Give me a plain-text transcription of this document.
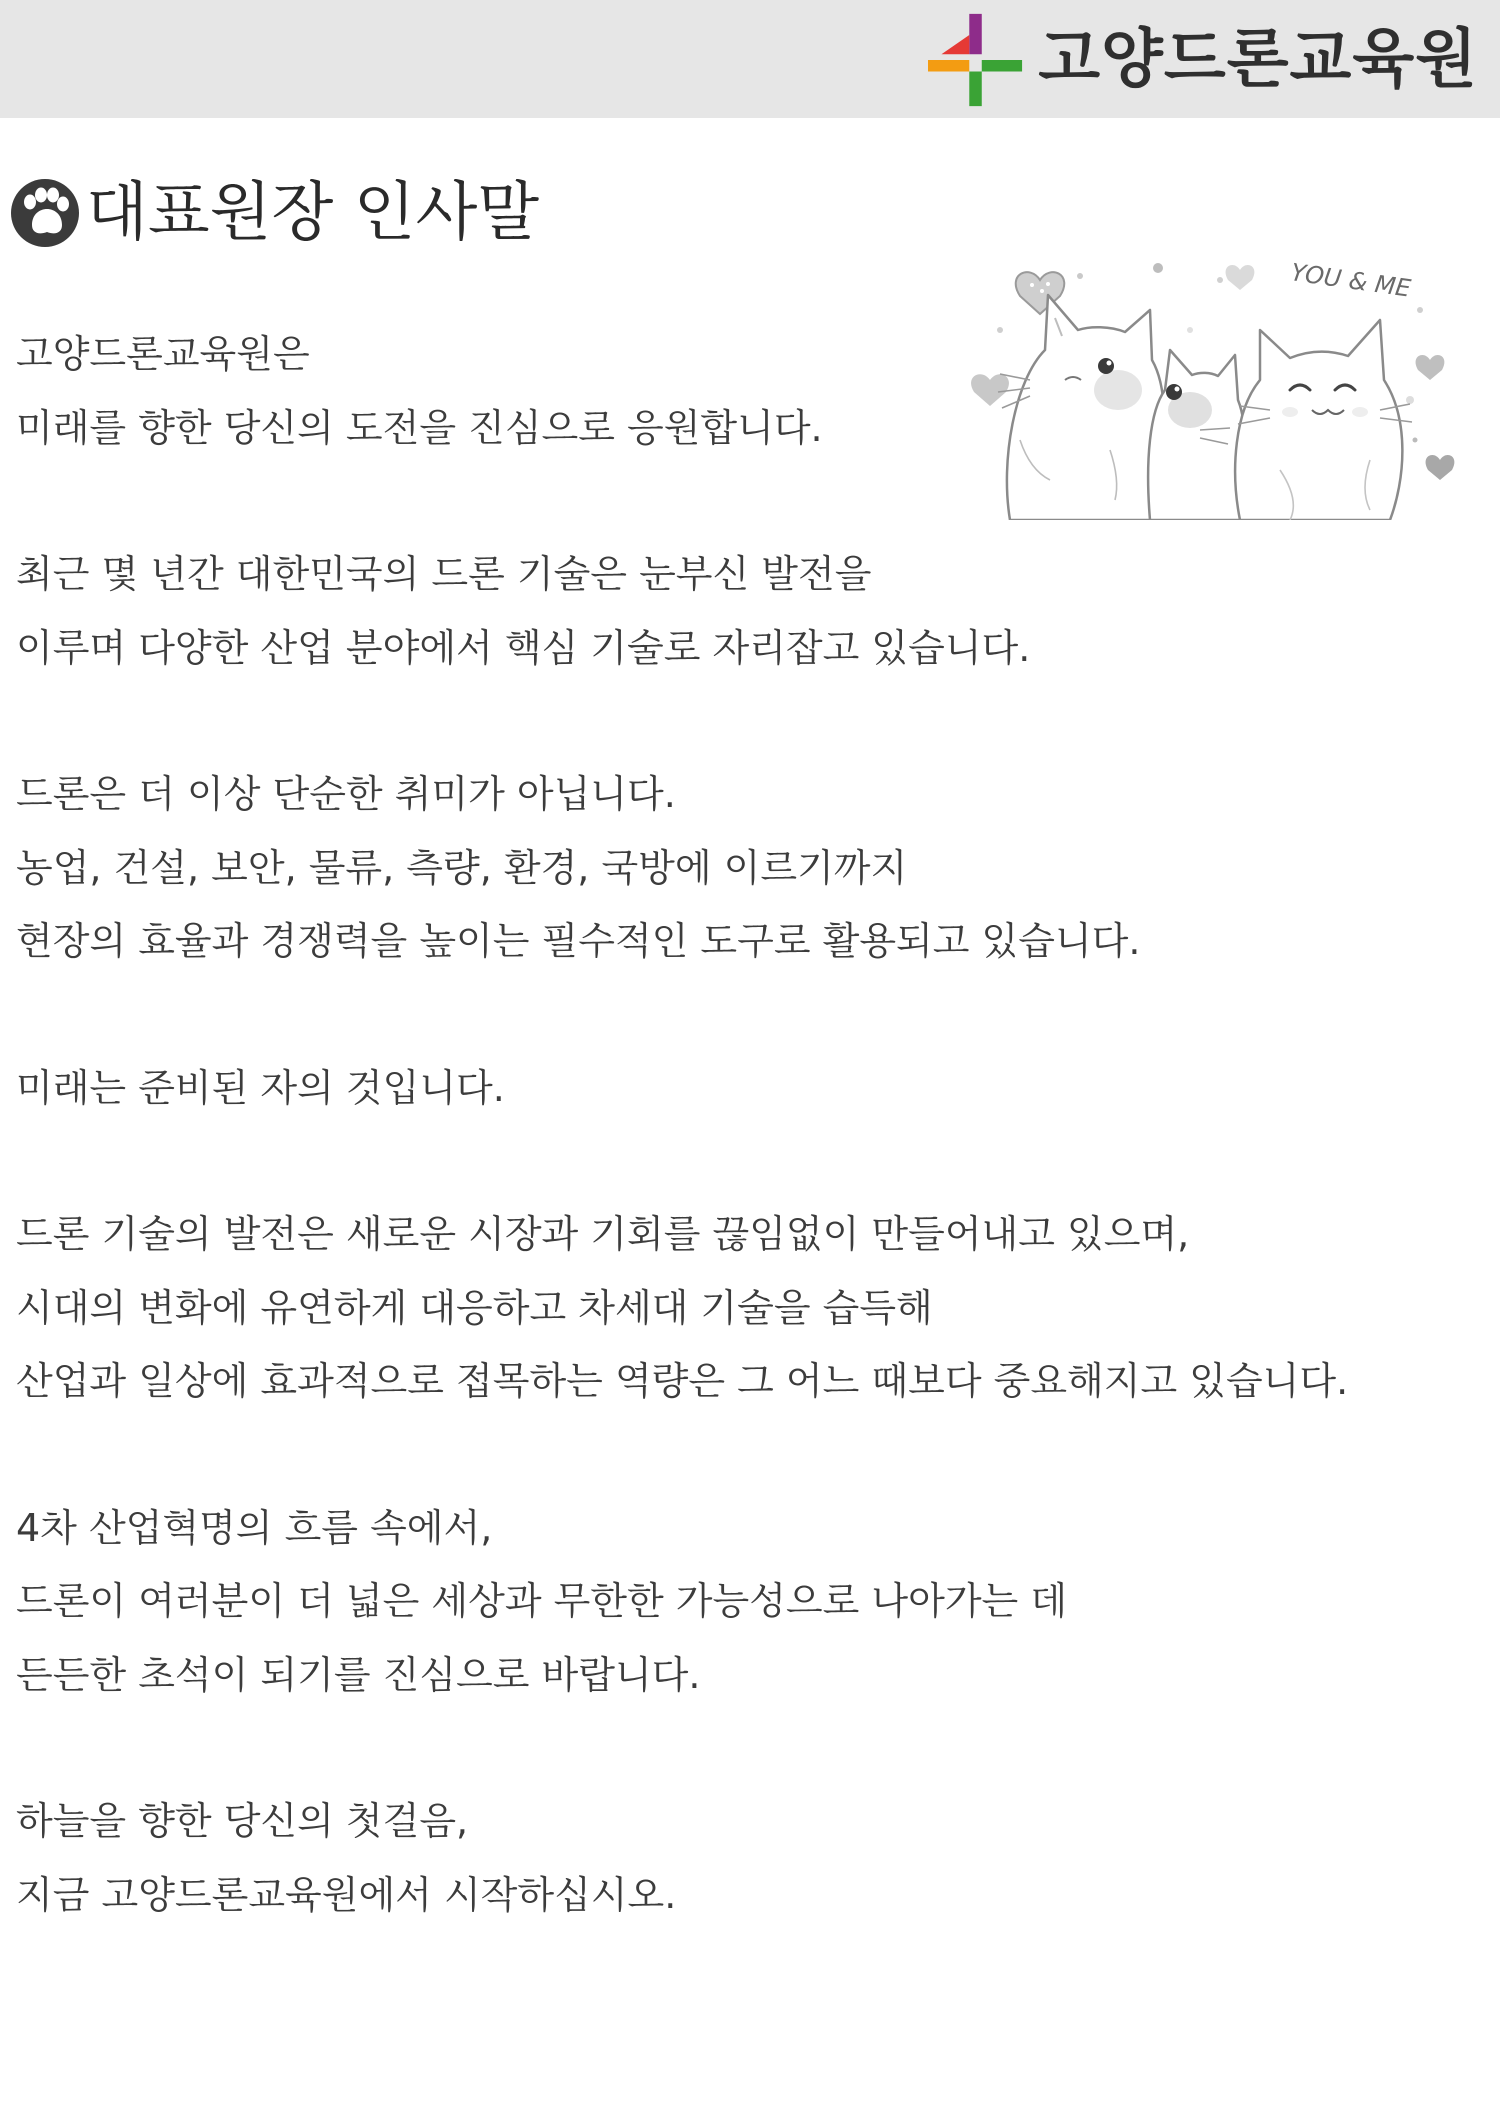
고양드론교육원
대표원장 인사말
YOU & ME
고양드론교육원은
미래를 향한 당신의 도전을 진심으로 응원합니다.
최근 몇 년간 대한민국의 드론 기술은 눈부신 발전을
이루며 다양한 산업 분야에서 핵심 기술로 자리잡고 있습니다.
드론은 더 이상 단순한 취미가 아닙니다.
농업, 건설, 보안, 물류, 측량, 환경, 국방에 이르기까지
현장의 효율과 경쟁력을 높이는 필수적인 도구로 활용되고 있습니다.
미래는 준비된 자의 것입니다.
드론 기술의 발전은 새로운 시장과 기회를 끊임없이 만들어내고 있으며,
시대의 변화에 유연하게 대응하고 차세대 기술을 습득해
산업과 일상에 효과적으로 접목하는 역량은 그 어느 때보다 중요해지고 있습니다.
4차 산업혁명의 흐름 속에서,
드론이 여러분이 더 넓은 세상과 무한한 가능성으로 나아가는 데
든든한 초석이 되기를 진심으로 바랍니다.
하늘을 향한 당신의 첫걸음,
지금 고양드론교육원에서 시작하십시오.
